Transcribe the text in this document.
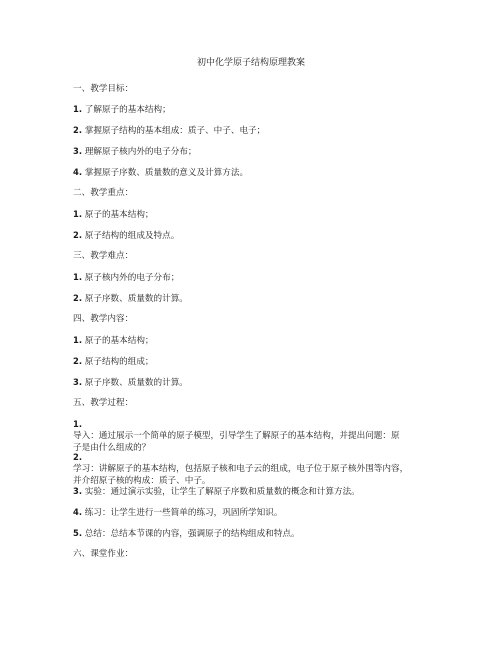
初中化学原子结构原理教案
一、教学目标：
1. 了解原子的基本结构；
2. 掌握原子结构的基本组成：质子、中子、电子；
3. 理解原子核内外的电子分布；
4. 掌握原子序数、质量数的意义及计算方法。
二、教学重点：
1. 原子的基本结构；
2. 原子结构的组成及特点。
三、教学难点：
1. 原子核内外的电子分布；
2. 原子序数、质量数的计算。
四、教学内容：
1. 原子的基本结构；
2. 原子结构的组成；
3. 原子序数、质量数的计算。
五、教学过程：
1.
导入：通过展示一个简单的原子模型，引导学生了解原子的基本结构，并提出问题：原
子是由什么组成的？
2.
学习：讲解原子的基本结构，包括原子核和电子云的组成，电子位于原子核外围等内容，
并介绍原子核的构成：质子、中子。
3. 实验：通过演示实验，让学生了解原子序数和质量数的概念和计算方法。
4. 练习：让学生进行一些简单的练习，巩固所学知识。
5. 总结：总结本节课的内容，强调原子的结构组成和特点。
六、课堂作业：
